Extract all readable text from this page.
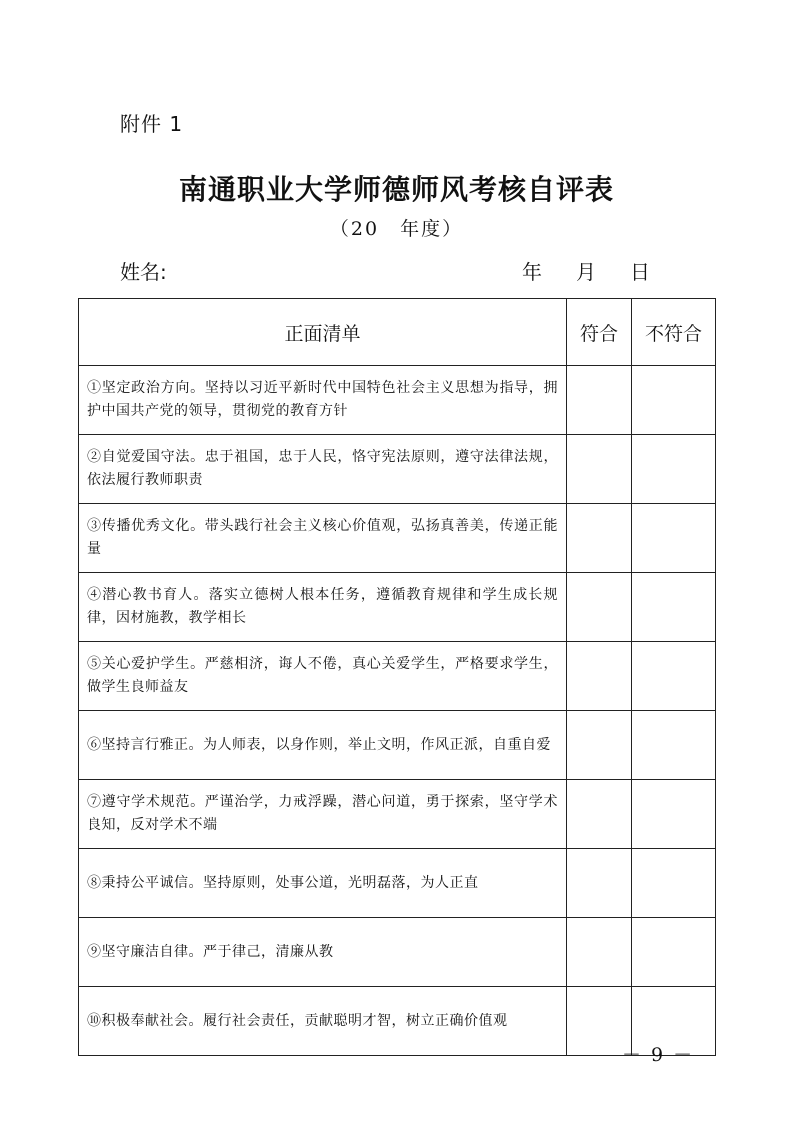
附件 1
南通职业大学师德师风考核自评表
（20　年度）
姓名:	年 月 日
正面清单	符合	不符合
①坚定政治方向。坚持以习近平新时代中国特色社会主义思想为指导，拥护中国共产党的领导，贯彻党的教育方针		
②自觉爱国守法。忠于祖国，忠于人民，恪守宪法原则，遵守法律法规，依法履行教师职责		
③传播优秀文化。带头践行社会主义核心价值观，弘扬真善美，传递正能量		
④潜心教书育人。落实立德树人根本任务，遵循教育规律和学生成长规律，因材施教，教学相长		
⑤关心爱护学生。严慈相济，诲人不倦，真心关爱学生，严格要求学生，做学生良师益友		
⑥坚持言行雅正。为人师表，以身作则，举止文明，作风正派，自重自爱		
⑦遵守学术规范。严谨治学，力戒浮躁，潜心问道，勇于探索，坚守学术良知，反对学术不端		
⑧秉持公平诚信。坚持原则，处事公道，光明磊落，为人正直		
⑨坚守廉洁自律。严于律己，清廉从教		
⑩积极奉献社会。履行社会责任，贡献聪明才智，树立正确价值观		
－ 9 －
